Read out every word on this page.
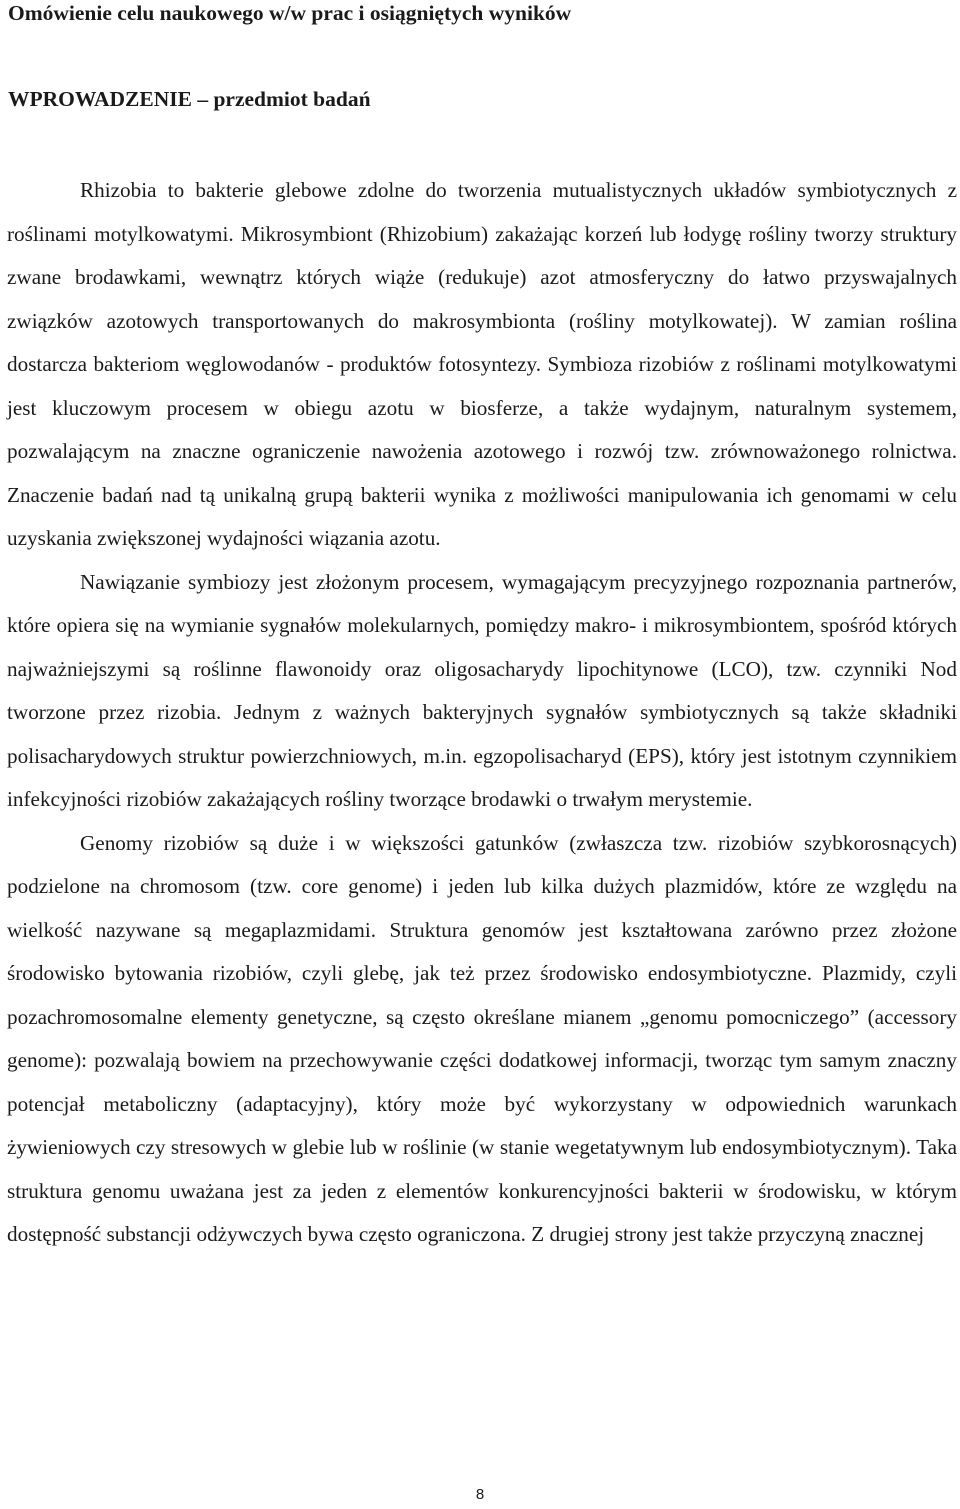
Omówienie celu naukowego w/w prac i osiągniętych wyników
WPROWADZENIE – przedmiot badań

Rhizobia to bakterie glebowe zdolne do tworzenia mutualistycznych układów symbiotycznych z roślinami motylkowatymi. Mikrosymbiont (Rhizobium) zakażając korzeń lub łodygę rośliny tworzy struktury zwane brodawkami, wewnątrz których wiąże (redukuje) azot atmosferyczny do łatwo przyswajalnych związków azotowych transportowanych do makrosymbionta (rośliny motylkowatej). W zamian roślina dostarcza bakteriom węglowodanów - produktów fotosyntezy. Symbioza rizobiów z roślinami motylkowatymi jest kluczowym procesem w obiegu azotu w biosferze, a także wydajnym, naturalnym systemem, pozwalającym na znaczne ograniczenie nawożenia azotowego i rozwój tzw. zrównoważonego rolnictwa. Znaczenie badań nad tą unikalną grupą bakterii wynika z możliwości manipulowania ich genomami w celu uzyskania zwiększonej wydajności wiązania azotu.

Nawiązanie symbiozy jest złożonym procesem, wymagającym precyzyjnego rozpoznania partnerów, które opiera się na wymianie sygnałów molekularnych, pomiędzy makro- i mikrosymbiontem, spośród których najważniejszymi są roślinne flawonoidy oraz oligosacharydy lipochitynowe (LCO), tzw. czynniki Nod tworzone przez rizobia. Jednym z ważnych bakteryjnych sygnałów symbiotycznych są także składniki polisacharydowych struktur powierzchniowych, m.in. egzopolisacharyd (EPS), który jest istotnym czynnikiem infekcyjności rizobiów zakażających rośliny tworzące brodawki o trwałym merystemie.

Genomy rizobiów są duże i w większości gatunków (zwłaszcza tzw. rizobiów szybkorosnących) podzielone na chromosom (tzw. core genome) i jeden lub kilka dużych plazmidów, które ze względu na wielkość nazywane są megaplazmidami. Struktura genomów jest kształtowana zarówno przez złożone środowisko bytowania rizobiów, czyli glebę, jak też przez środowisko endosymbiotyczne. Plazmidy, czyli pozachromosomalne elementy genetyczne, są często określane mianem „genomu pomocniczego” (accessory genome): pozwalają bowiem na przechowywanie części dodatkowej informacji, tworząc tym samym znaczny potencjał metaboliczny (adaptacyjny), który może być wykorzystany w odpowiednich warunkach żywieniowych czy stresowych w glebie lub w roślinie (w stanie wegetatywnym lub endosymbiotycznym). Taka struktura genomu uważana jest za jeden z elementów konkurencyjności bakterii w środowisku, w którym dostępność substancji odżywczych bywa często ograniczona. Z drugiej strony jest także przyczyną znacznej

8
